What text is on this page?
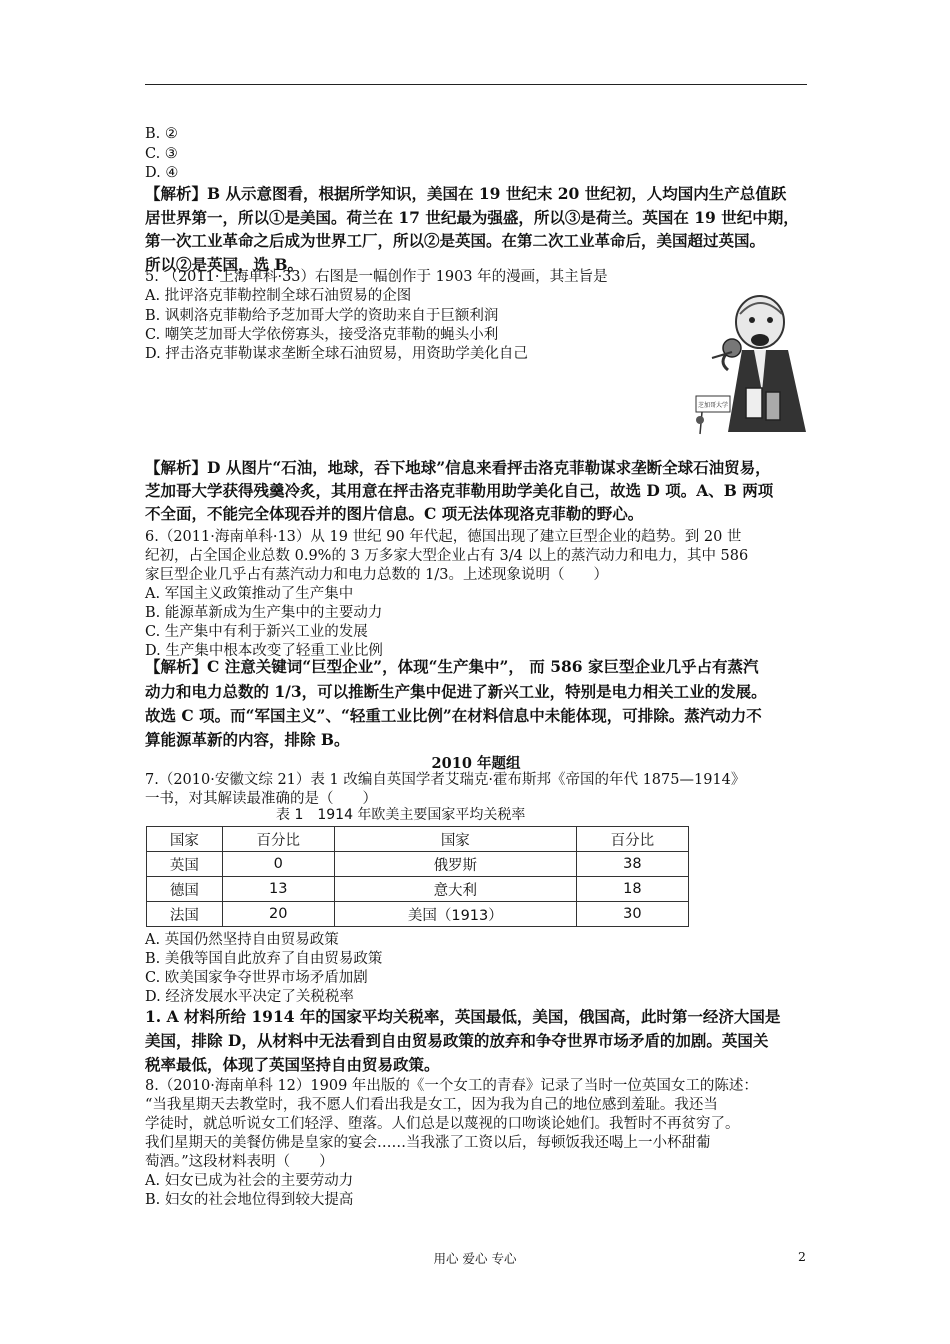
B. ②
C. ③
D. ④
【解析】B 从示意图看，根据所学知识，美国在 19 世纪末 20 世纪初，人均国内生产总值跃
居世界第一，所以①是美国。荷兰在 17 世纪最为强盛，所以③是荷兰。英国在 19 世纪中期，
第一次工业革命之后成为世界工厂，所以②是英国。在第二次工业革命后，美国超过英国。
所以②是英国，选 B。
5. （2011·上海单科·33）右图是一幅创作于 1903 年的漫画，其主旨是
A. 批评洛克菲勒控制全球石油贸易的企图
B. 讽刺洛克菲勒给予芝加哥大学的资助来自于巨额利润
C. 嘲笑芝加哥大学依傍寡头，接受洛克菲勒的蝇头小利
D. 抨击洛克菲勒谋求垄断全球石油贸易，用资助学美化自己
芝加哥大学
【解析】D 从图片“石油，地球，吞下地球”信息来看抨击洛克菲勒谋求垄断全球石油贸易，
芝加哥大学获得残羹冷炙，其用意在抨击洛克菲勒用助学美化自己，故选 D 项。A、B 两项
不全面，不能完全体现吞并的图片信息。C 项无法体现洛克菲勒的野心。
6.（2011·海南单科·13）从 19 世纪 90 年代起，德国出现了建立巨型企业的趋势。到 20 世
纪初，占全国企业总数 0.9%的 3 万多家大型企业占有 3/4 以上的蒸汽动力和电力，其中 586
家巨型企业几乎占有蒸汽动力和电力总数的 1/3。上述现象说明（　　）
A. 军国主义政策推动了生产集中
B. 能源革新成为生产集中的主要动力
C. 生产集中有利于新兴工业的发展
D. 生产集中根本改变了轻重工业比例
【解析】C 注意关键词“巨型企业”，体现“生产集中”， 而 586 家巨型企业几乎占有蒸汽
动力和电力总数的 1/3，可以推断生产集中促进了新兴工业，特别是电力相关工业的发展。
故选 C 项。而“军国主义”、“轻重工业比例”在材料信息中未能体现，可排除。蒸汽动力不
算能源革新的内容，排除 B。
2010 年题组
7.（2010·安徽文综 21）表 1 改编自英国学者艾瑞克·霍布斯邦《帝国的年代 1875—1914》
一书，对其解读最准确的是（　　）
表 1　1914 年欧美主要国家平均关税率
国家	百分比	国家	百分比
英国	0	俄罗斯	38
德国	13	意大利	18
法国	20	美国（1913）	30
A. 英国仍然坚持自由贸易政策
B. 美俄等国自此放弃了自由贸易政策
C. 欧美国家争夺世界市场矛盾加剧
D. 经济发展水平决定了关税税率
1. A 材料所给 1914 年的国家平均关税率，英国最低，美国，俄国高，此时第一经济大国是
美国，排除 D，从材料中无法看到自由贸易政策的放弃和争夺世界市场矛盾的加剧。英国关
税率最低，体现了英国坚持自由贸易政策。
8.（2010·海南单科 12）1909 年出版的《一个女工的青春》记录了当时一位英国女工的陈述：
“当我星期天去教堂时，我不愿人们看出我是女工，因为我为自己的地位感到羞耻。我还当
学徒时，就总听说女工们轻浮、堕落。人们总是以蔑视的口吻谈论她们。我暂时不再贫穷了。
我们星期天的美餐仿佛是皇家的宴会……当我涨了工资以后，每顿饭我还喝上一小杯甜葡
萄酒。”这段材料表明（　　）
A. 妇女已成为社会的主要劳动力
B. 妇女的社会地位得到较大提高
用心 爱心 专心	2
